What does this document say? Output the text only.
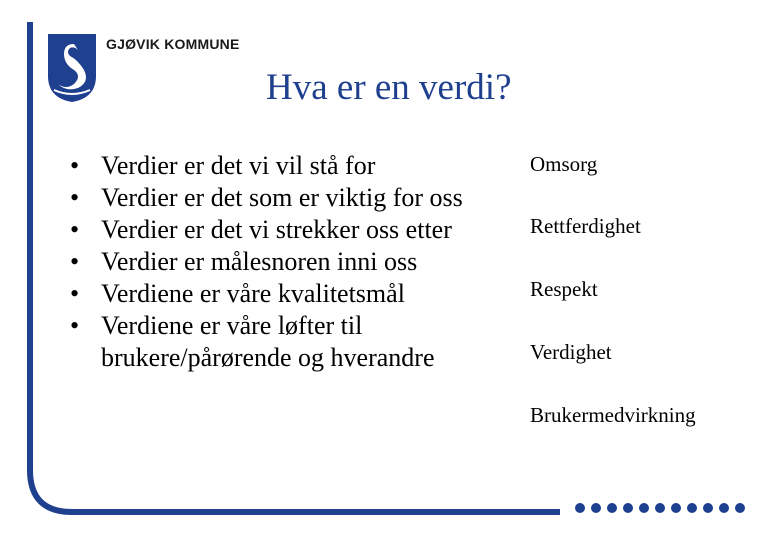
GJØVIK KOMMUNE
Hva er en verdi?
• Verdier er det vi vil stå for
• Verdier er det som er viktig for oss
• Verdier er det vi strekker oss etter
• Verdier er målesnoren inni oss
• Verdiene er våre kvalitetsmål
• Verdiene er våre løfter til brukere/pårørende og hverandre
Omsorg
Rettferdighet
Respekt
Verdighet
Brukermedvirkning
